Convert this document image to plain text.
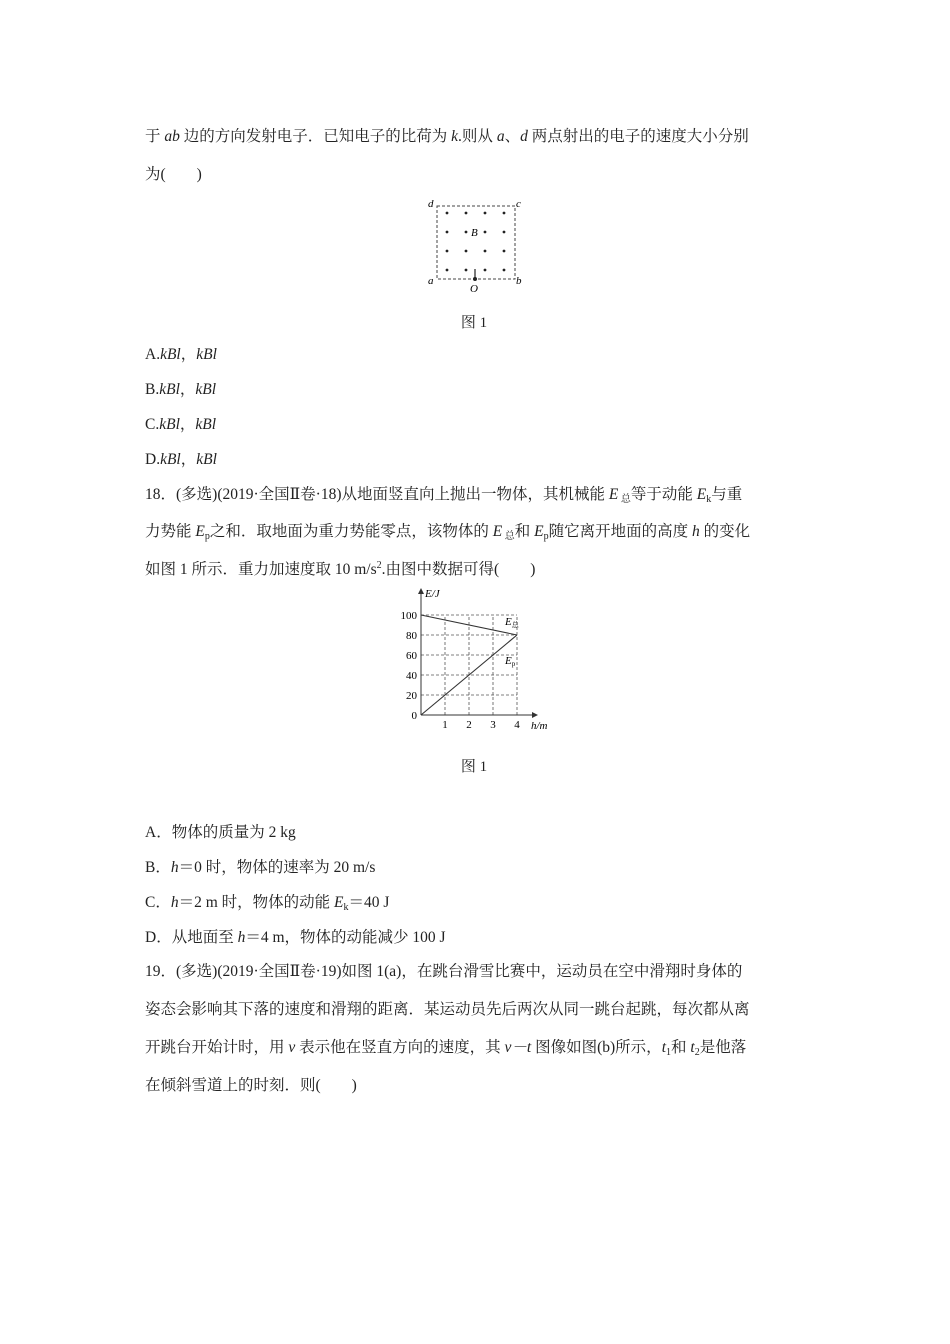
于 ab 边的方向发射电子．已知电子的比荷为 k.则从 a、d 两点射出的电子的速度大小分别
为(　　)
d	c
a	b
O
B
图 1
A.kBl，kBl
B.kBl，kBl
C.kBl，kBl
D.kBl，kBl
18．(多选)(2019·全国Ⅱ卷·18)从地面竖直向上抛出一物体，其机械能 E $_总$等于动能 $E_k$与重
力势能 $E_p$之和．取地面为重力势能零点，该物体的 E $_总$和 $E_p$随它离开地面的高度 h 的变化
如图 1 所示．重力加速度取 10 $m/s^2$.由图中数据可得(　　)
0
20
40
60
80
100
1 2 3 4
E总
Ep
E/J
h/m
图 1
A．物体的质量为 2 kg
B．h＝0 时，物体的速率为 20 m/s
C．h＝2 m 时，物体的动能 $E_k=40$ J
D．从地面至 h＝4 m，物体的动能减少 100 J
19．(多选)(2019·全国Ⅱ卷·19)如图 1(a)，在跳台滑雪比赛中，运动员在空中滑翔时身体的
姿态会影响其下落的速度和滑翔的距离．某运动员先后两次从同一跳台起跳，每次都从离
开跳台开始计时，用 v 表示他在竖直方向的速度，其 v－t 图像如图(b)所示，$t_1$和 $t_2$是他落
在倾斜雪道上的时刻．则(　　)
